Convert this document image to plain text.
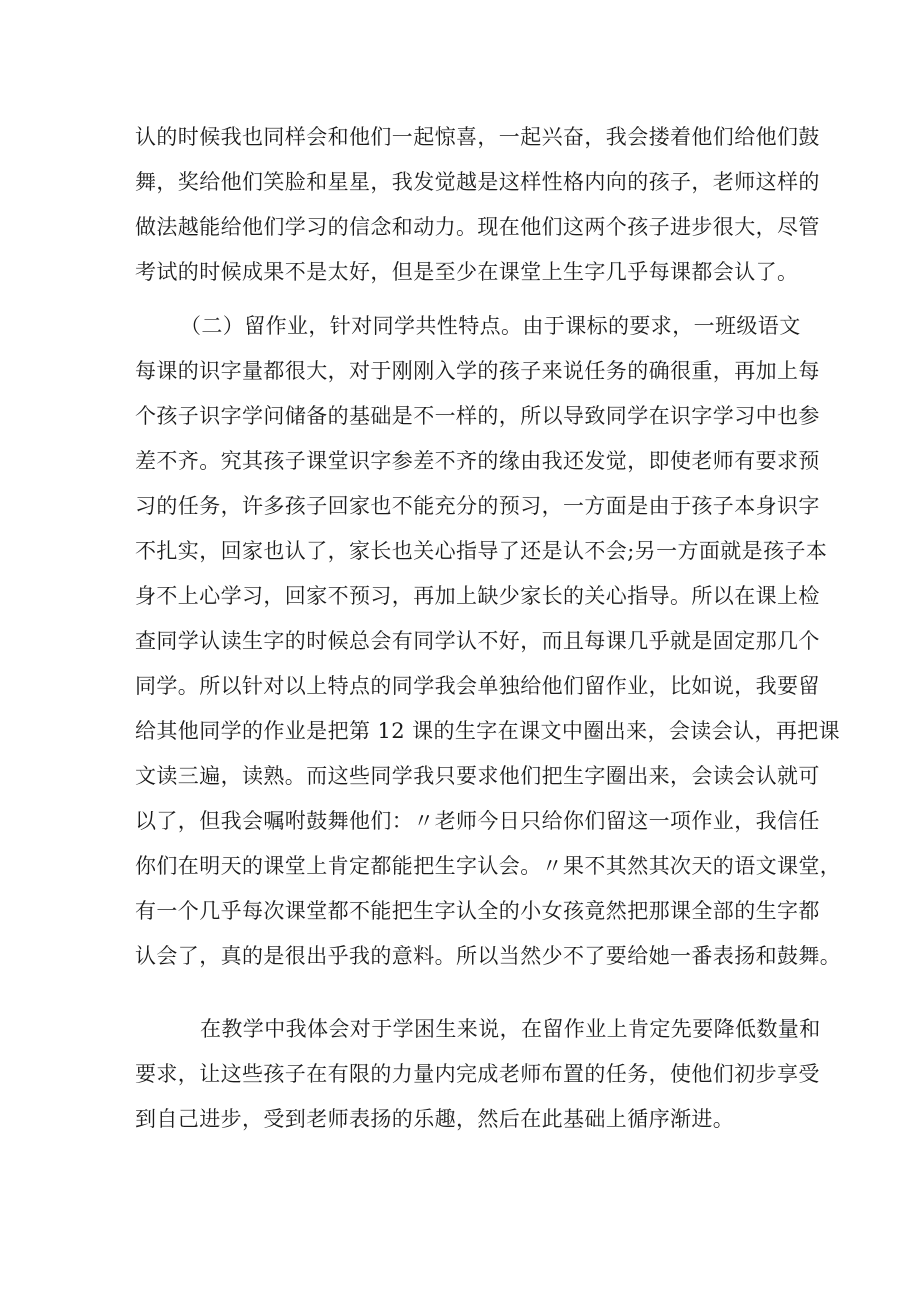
认的时候我也同样会和他们一起惊喜，一起兴奋，我会搂着他们给他们鼓
舞，奖给他们笑脸和星星，我发觉越是这样性格内向的孩子，老师这样的
做法越能给他们学习的信念和动力。现在他们这两个孩子进步很大，尽管
考试的时候成果不是太好，但是至少在课堂上生字几乎每课都会认了。
（二）留作业，针对同学共性特点。由于课标的要求，一班级语文
每课的识字量都很大，对于刚刚入学的孩子来说任务的确很重，再加上每
个孩子识字学问储备的基础是不一样的，所以导致同学在识字学习中也参
差不齐。究其孩子课堂识字参差不齐的缘由我还发觉，即使老师有要求预
习的任务，许多孩子回家也不能充分的预习，一方面是由于孩子本身识字
不扎实，回家也认了，家长也关心指导了还是认不会;另一方面就是孩子本
身不上心学习，回家不预习，再加上缺少家长的关心指导。所以在课上检
查同学认读生字的时候总会有同学认不好，而且每课几乎就是固定那几个
同学。所以针对以上特点的同学我会单独给他们留作业，比如说，我要留
给其他同学的作业是把第 12 课的生字在课文中圈出来，会读会认，再把课
文读三遍，读熟。而这些同学我只要求他们把生字圈出来，会读会认就可
以了，但我会嘱咐鼓舞他们：〃老师今日只给你们留这一项作业，我信任
你们在明天的课堂上肯定都能把生字认会。〃果不其然其次天的语文课堂，
有一个几乎每次课堂都不能把生字认全的小女孩竟然把那课全部的生字都
认会了，真的是很出乎我的意料。所以当然少不了要给她一番表扬和鼓舞。
在教学中我体会对于学困生来说，在留作业上肯定先要降低数量和
要求，让这些孩子在有限的力量内完成老师布置的任务，使他们初步享受
到自己进步，受到老师表扬的乐趣，然后在此基础上循序渐进。
